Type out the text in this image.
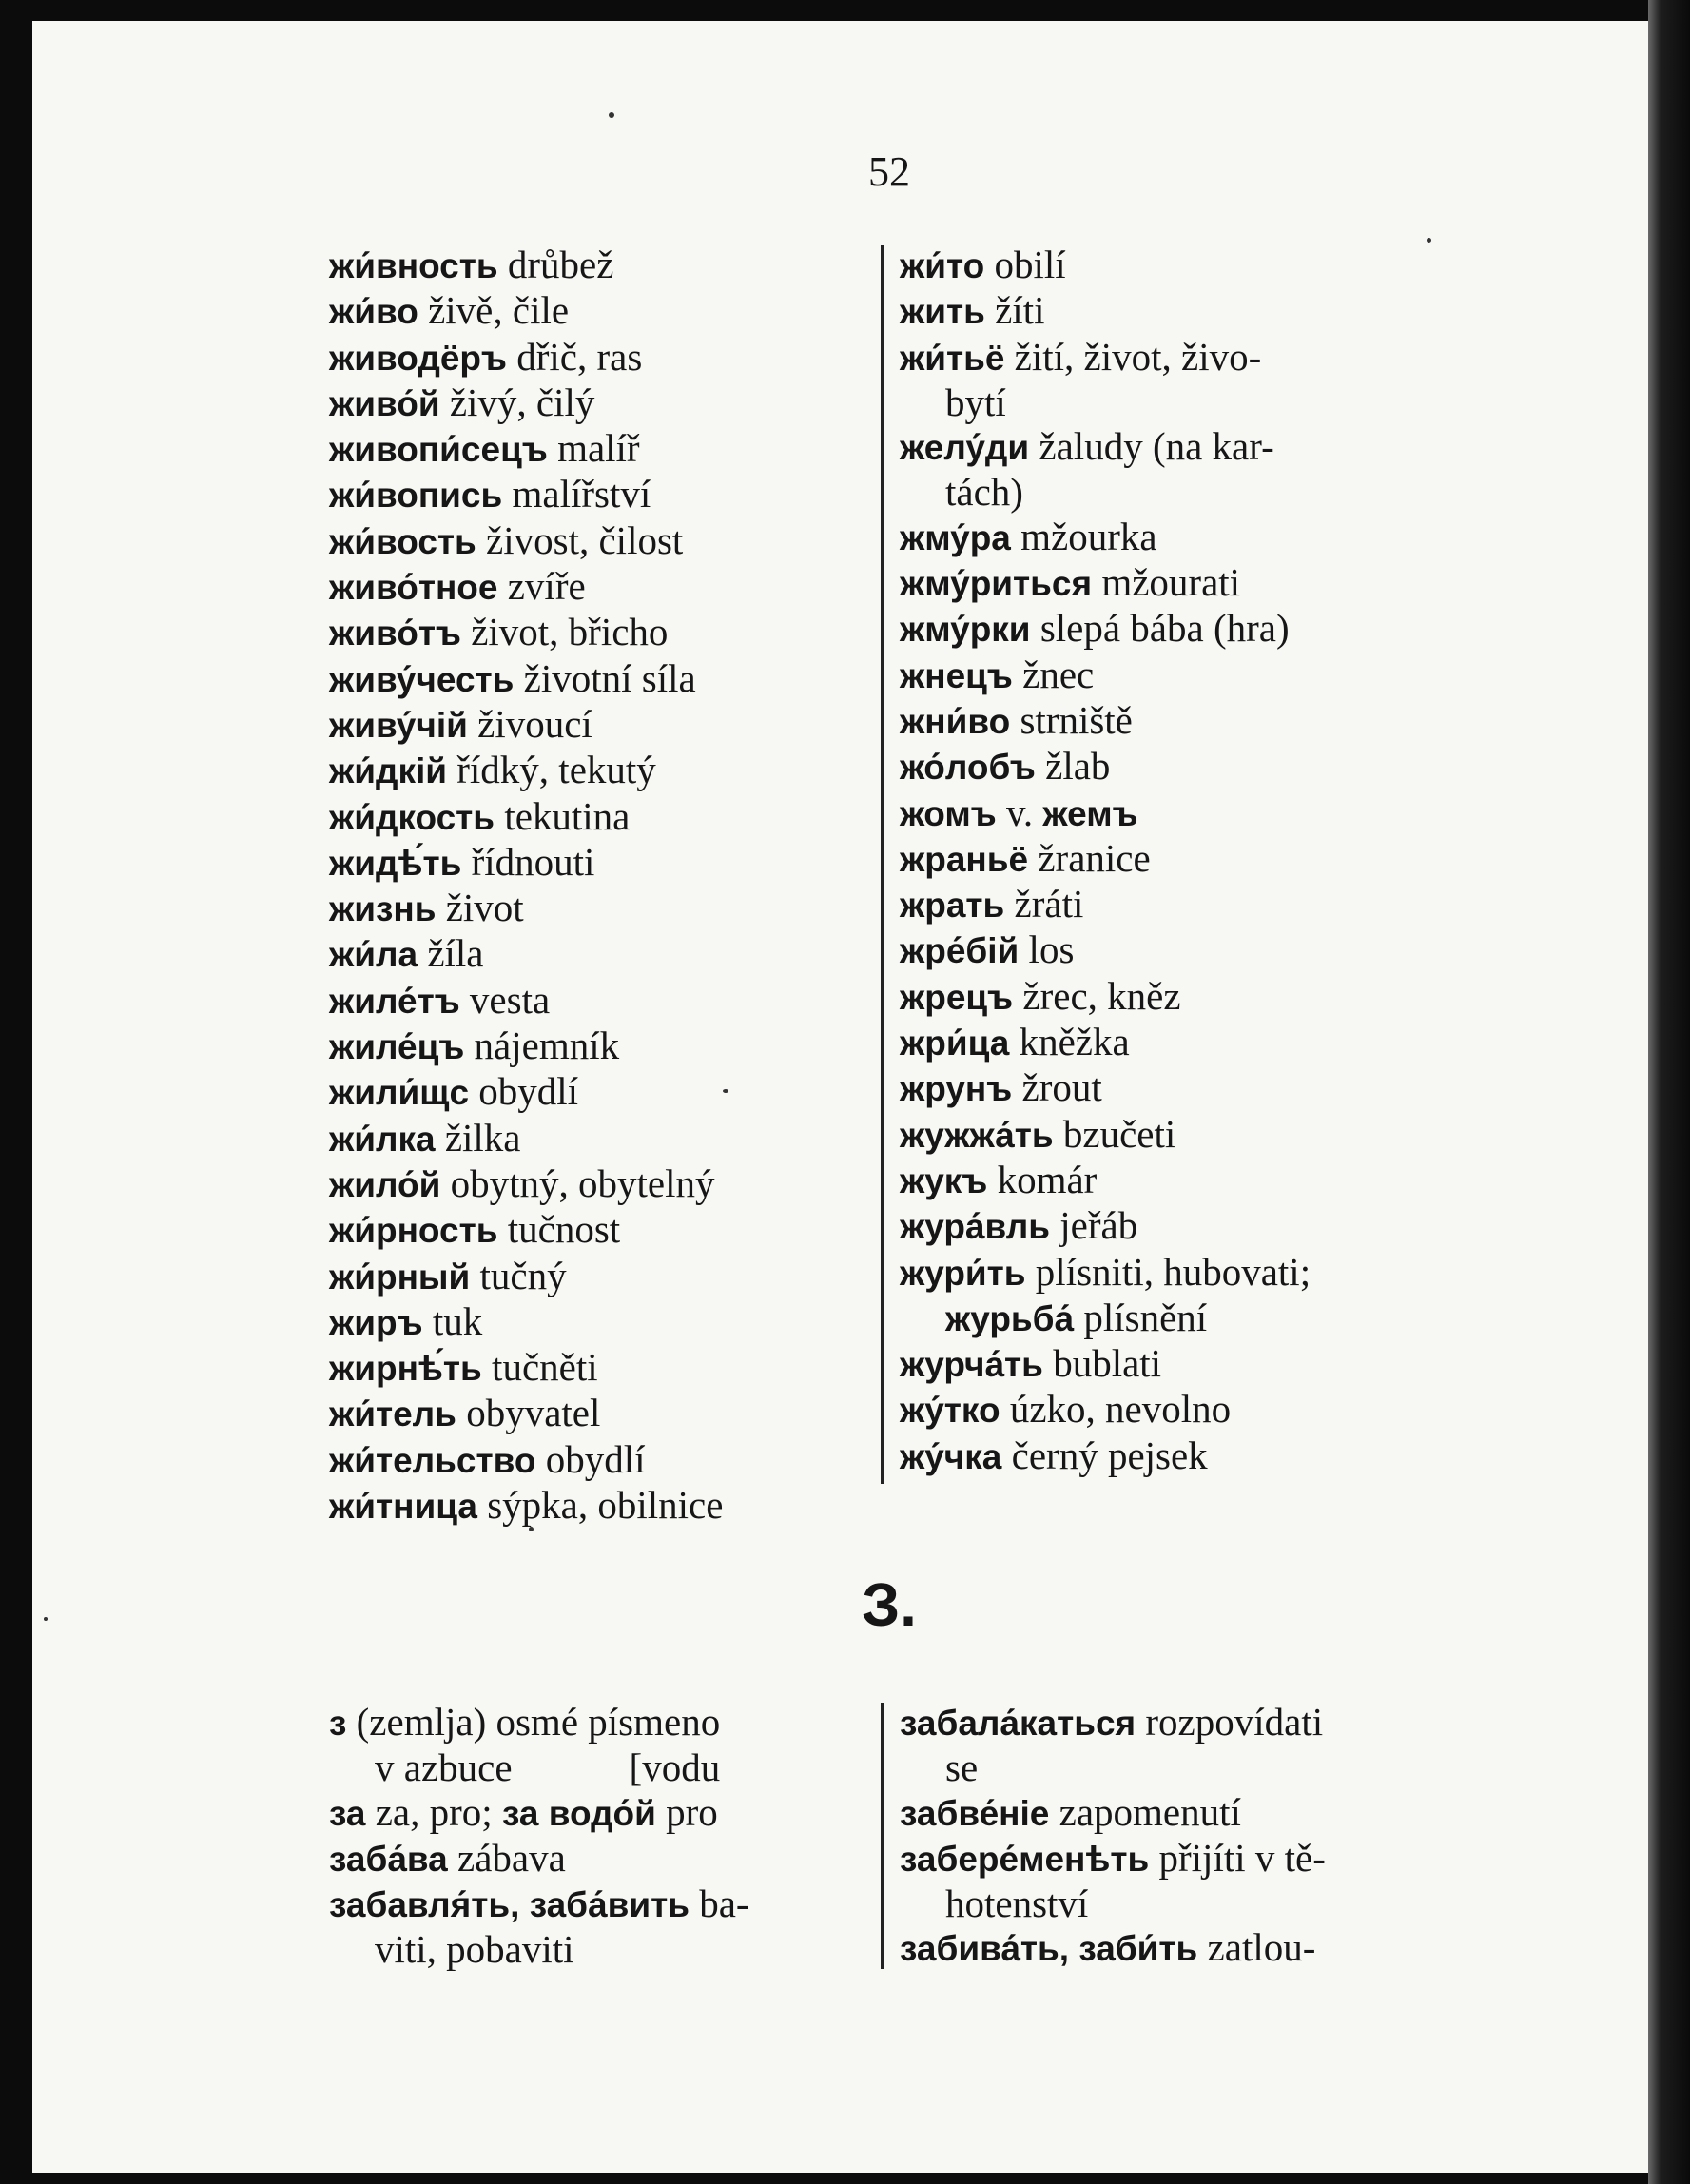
52

жи́вность drůbež

жи́во živě, čile

живодёръ dřič, ras

живо́й živý, čilý

живопи́сецъ malíř

жи́вопись malířství

жи́вость živost, čilost

живо́тное zvíře

живо́тъ život, břicho

живу́честь životní síla

живу́чій živoucí

жи́дкій řídký, tekutý

жи́дкость tekutina

жидѣ́ть řídnouti

жизнь život

жи́ла žíla

жиле́тъ vesta

жиле́цъ nájemník

жили́щс obydlí

жи́лка žilka

жило́й obytný, obytelný

жи́рность tučnost

жи́рный tučný

жиръ tuk

жирнѣ́ть tučněti

жи́тель obyvatel

жи́тельство obydlí

жи́тница sýpka, obilnice

жи́то obilí

жить žíti

жи́тьё žití, život, živo-

bytí

желу́ди žaludy (na kar-

tách)

жму́ра mžourka

жму́риться mžourati

жму́рки slepá bába (hra)

жнецъ žnec

жни́во strniště

жо́лобъ žlab

жомъ v. жемъ

жраньё žranice

жрать žráti

жре́бій los

жрецъ žrec, kněz

жри́ца kněžka

жрунъ žrout

жужжа́ть bzučeti

жукъ komár

жура́вль jeřáb

жури́ть plísniti, hubovati;

журьба́ plísnění

журча́ть bublati

жу́тко úzko, nevolno

жу́чка černý pejsek

З.

з (zemlja) osmé písmeno

v azbuce   	[vodu

за za, pro; за водо́й pro

заба́ва zábava

забавля́ть, заба́вить ba-

viti, pobaviti

забала́каться rozpovídati

se

забве́ніе zapomenutí

забере́менѣть přijíti v tě-

hotenství

забива́ть, заби́ть zatlou-
